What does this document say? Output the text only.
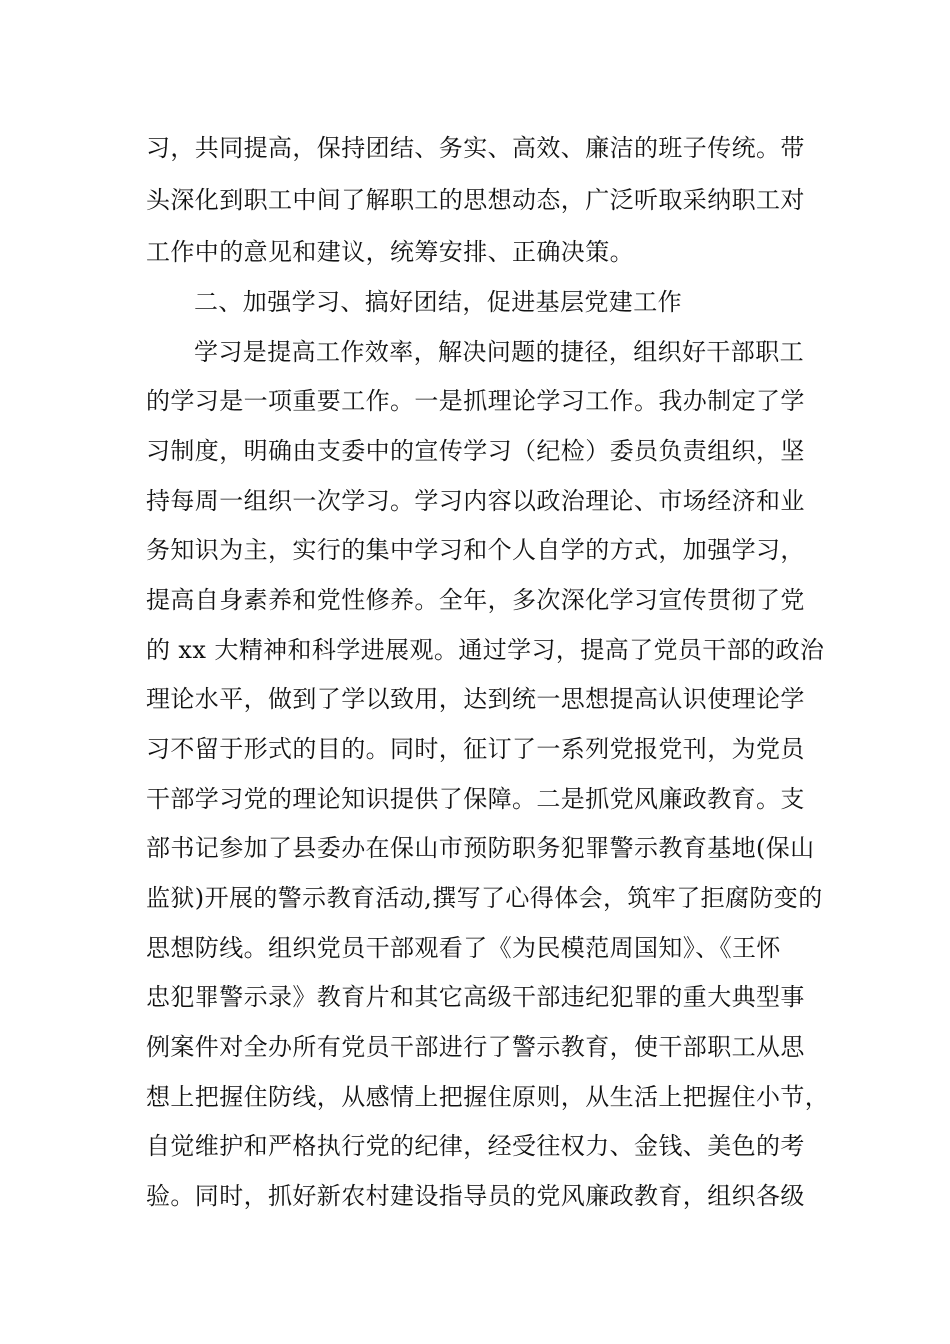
习，共同提高，保持团结、务实、高效、廉洁的班子传统。带
头深化到职工中间了解职工的思想动态，广泛听取采纳职工对
工作中的意见和建议，统筹安排、正确决策。
二、加强学习、搞好团结，促进基层党建工作
学习是提高工作效率，解决问题的捷径，组织好干部职工
的学习是一项重要工作。一是抓理论学习工作。我办制定了学
习制度，明确由支委中的宣传学习（纪检）委员负责组织，坚
持每周一组织一次学习。学习内容以政治理论、市场经济和业
务知识为主，实行的集中学习和个人自学的方式，加强学习，
提高自身素养和党性修养。全年，多次深化学习宣传贯彻了党
的 xx 大精神和科学进展观。通过学习，提高了党员干部的政治
理论水平，做到了学以致用，达到统一思想提高认识使理论学
习不留于形式的目的。同时，征订了一系列党报党刊，为党员
干部学习党的理论知识提供了保障。二是抓党风廉政教育。支
部书记参加了县委办在保山市预防职务犯罪警示教育基地(保山
监狱)开展的警示教育活动,撰写了心得体会，筑牢了拒腐防变的
思想防线。组织党员干部观看了《为民模范周国知》、《王怀
忠犯罪警示录》教育片和其它高级干部违纪犯罪的重大典型事
例案件对全办所有党员干部进行了警示教育，使干部职工从思
想上把握住防线，从感情上把握住原则，从生活上把握住小节，
自觉维护和严格执行党的纪律，经受往权力、金钱、美色的考
验。同时，抓好新农村建设指导员的党风廉政教育，组织各级
